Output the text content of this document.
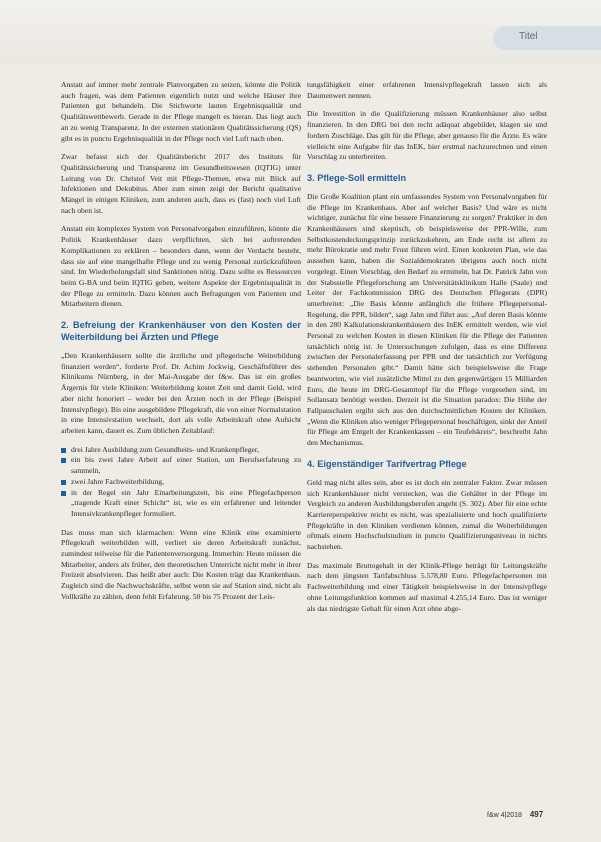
Titel

Anstatt auf immer mehr zentrale Planvorgaben zu setzen, könnte die Politik auch fragen, was dem Patienten eigentlich nutzt und welche Häuser ihre Patienten gut behandeln. Die Stichworte lauten Ergebnisqualität und Qualitätswettbewerb. Gerade in der Pflege mangelt es hieran. Das liegt auch an zu wenig Transparenz. In der externen stationären Qualitätssicherung (QS) gibt es in puncto Ergebnisqualität in der Pflege noch viel Luft nach oben.

Zwar befasst sich der Qualitätsbericht 2017 des Instituts für Qualitätssicherung und Transparenz im Gesundheitswesen (IQTIG) unter Leitung von Dr. Christof Veit mit Pflege-Themen, etwa mit Blick auf Infektionen und Dekubitus. Aber zum einen zeigt der Bericht qualitative Mängel in einigen Kliniken, zum anderen auch, dass es (fast) noch viel Luft nach oben ist.

Anstatt ein komplexes System von Personalvorgaben einzuführen, könnte die Politik Krankenhäuser dazu verpflichten, sich bei auftretenden Komplikationen zu erklären – besonders dann, wenn der Verdacht besteht, dass sie auf eine mangelhafte Pflege und zu wenig Personal zurückzuführen sind. Im Wiederholungsfall sind Sanktionen nötig. Dazu sollte es Ressourcen beim G-BA und beim IQTIG geben, weitere Aspekte der Ergebnisqualität in der Pflege zu ermitteln. Dazu können auch Befragungen von Patienten und Mitarbeitern dienen.

2. Befreiung der Krankenhäuser von den Kosten der Weiterbildung bei Ärzten und Pflege

„Den Krankenhäusern sollte die ärztliche und pflegerische Weiterbildung finanziert werden“, forderte Prof. Dr. Achim Jockwig, Geschäftsführer des Klinikums Nürnberg, in der Mai-Ausgabe der f&w. Das ist ein großes Ärgernis für viele Kliniken: Weiterbildung kostet Zeit und damit Geld, wird aber nicht honoriert – weder bei den Ärzten noch in der Pflege (Beispiel Intensivpflege). Bis eine ausgebildete Pflegekraft, die von einer Normalstation in eine Intensivstation wechselt, dort als volle Arbeitskraft ohne Aufsicht arbeiten kann, dauert es. Zum üblichen Zeitablauf:

drei Jahre Ausbildung zum Gesundheits- und Krankenpfleger,
ein bis zwei Jahre Arbeit auf einer Station, um Berufserfahrung zu sammeln,
zwei Jahre Fachweiterbildung,
in der Regel ein Jahr Einarbeitungszeit, bis eine Pflegefachperson „tragende Kraft einer Schicht“ ist, wie es ein erfahrener und leitender Intensivkrankenpfleger formuliert.

Das muss man sich klarmachen: Wenn eine Klinik eine examinierte Pflegekraft weiterbilden will, verliert sie deren Arbeitskraft zunächst, zumindest teilweise für die Patientenversorgung. Immerhin: Heute müssen die Mitarbeiter, anders als früher, den theoretischen Unterricht nicht mehr in ihrer Freizeit absolvieren. Das heißt aber auch: Die Kosten trägt das Krankenhaus. Zugleich sind die Nachwuchskräfte, selbst wenn sie auf Station sind, nicht als Vollkräfte zu zählen, denn fehlt Erfahrung. 50 bis 75 Prozent der Leis-

tungsfähigkeit einer erfahrenen Intensivpflegekraft lassen sich als Daumenwert nennen.

Die Investition in die Qualifizierung müssen Krankenhäuser also selbst finanzieren. In den DRG bei den recht adäquat abgebildet, klagen sie und fordern Zuschläge. Das gilt für die Pflege, aber genauso für die Ärzte. Es wäre vielleicht eine Aufgabe für das InEK, hier erstmal nachzurechnen und einen Vorschlag zu unterbreiten.

3. Pflege-Soll ermitteln

Die Große Koalition plant ein umfassendes System von Personalvorgaben für die Pflege im Krankenhaus. Aber auf welcher Basis? Und wäre es nicht wichtiger, zunächst für eine bessere Finanzierung zu sorgen? Praktiker in den Krankenhäusern sind skeptisch, ob beispielsweise der PPR-Wille, zum Selbstkostendeckungsprinzip zurückzukehren, am Ende recht ist allem zu mehr Bürokratie und mehr Frust führen wird. Einen konkreten Plan, wie das aussehen kann, haben die Sozialdemokraten übrigens auch noch nicht vorgelegt. Einen Vorschlag, den Bedarf zu ermitteln, hat Dr. Patrick Jahn von der Stabsstelle Pflegeforschung am Universitätsklinikum Halle (Saale) und Leiter der Fachkommission DRG des Deutschen Pflegerats (DPR) unterbreitet: „Die Basis könnte anfänglich die frühere Pflegepersonal-Regelung, die PPR, bilden“, sagt Jahn und führt aus: „Auf deren Basis könnte in den 280 Kalkulationskrankenhäusern des InEK ermittelt werden, wie viel Personal zu welchen Kosten in diesen Kliniken für die Pflege der Patienten tatsächlich nötig ist. Je Untersuchungen zufolgen, dass es eine Differenz zwischen der Personalerfassung per PPR und der tatsächlich zur Verfügung stehenden Personalen gibt.“ Damit hätte sich beispielsweise die Frage beantworten, wie viel zusätzliche Mittel zu den gegenwärtigen 15 Milliarden Euro, die heute im DRG-Gesamttopf für die Pflege vorgesehen sind, im Sollansatz benötigt werden. Derzeit ist die Situation paradox: Die Höhe der Fallpauschalen ergibt sich aus den durchschnittlichen Kosten der Kliniken. „Wenn die Kliniken also weniger Pflegepersonal beschäftigen, sinkt der Anteil für Pflege am Entgelt der Krankenkassen – ein Teufelskreis“, beschreibt Jahn den Mechanismus.

4. Eigenständiger Tarifvertrag Pflege

Geld mag nicht alles sein, aber es ist doch ein zentraler Faktor. Zwar müssen sich Krankenhäuser nicht verstecken, was die Gehälter in der Pflege im Vergleich zu anderen Ausbildungsberufen angeht (S. 302). Aber für eine echte Karriereperspektive reicht es nicht, was spezialisierte und hoch qualifizierte Pflegekräfte in den Kliniken verdienen können, zumal die Weiterbildungen oftmals einem Hochschulstudium in puncto Qualifizierungsniveau in nichts nachstehen.

Das maximale Bruttogehalt in der Klinik-Pflege beträgt für Leitungskräfte nach dem jüngsten Tarifabschluss 5.578,80 Euro. Pflegefachpersonen mit Fachweiterbildung und einer Tätigkeit beispielsweise in der Intensivpflege ohne Leitungsfunktion kommen auf maximal 4.255,14 Euro. Das ist weniger als das niedrigste Gehalt für einen Arzt ohne abge-

f&w 4|2018 497
